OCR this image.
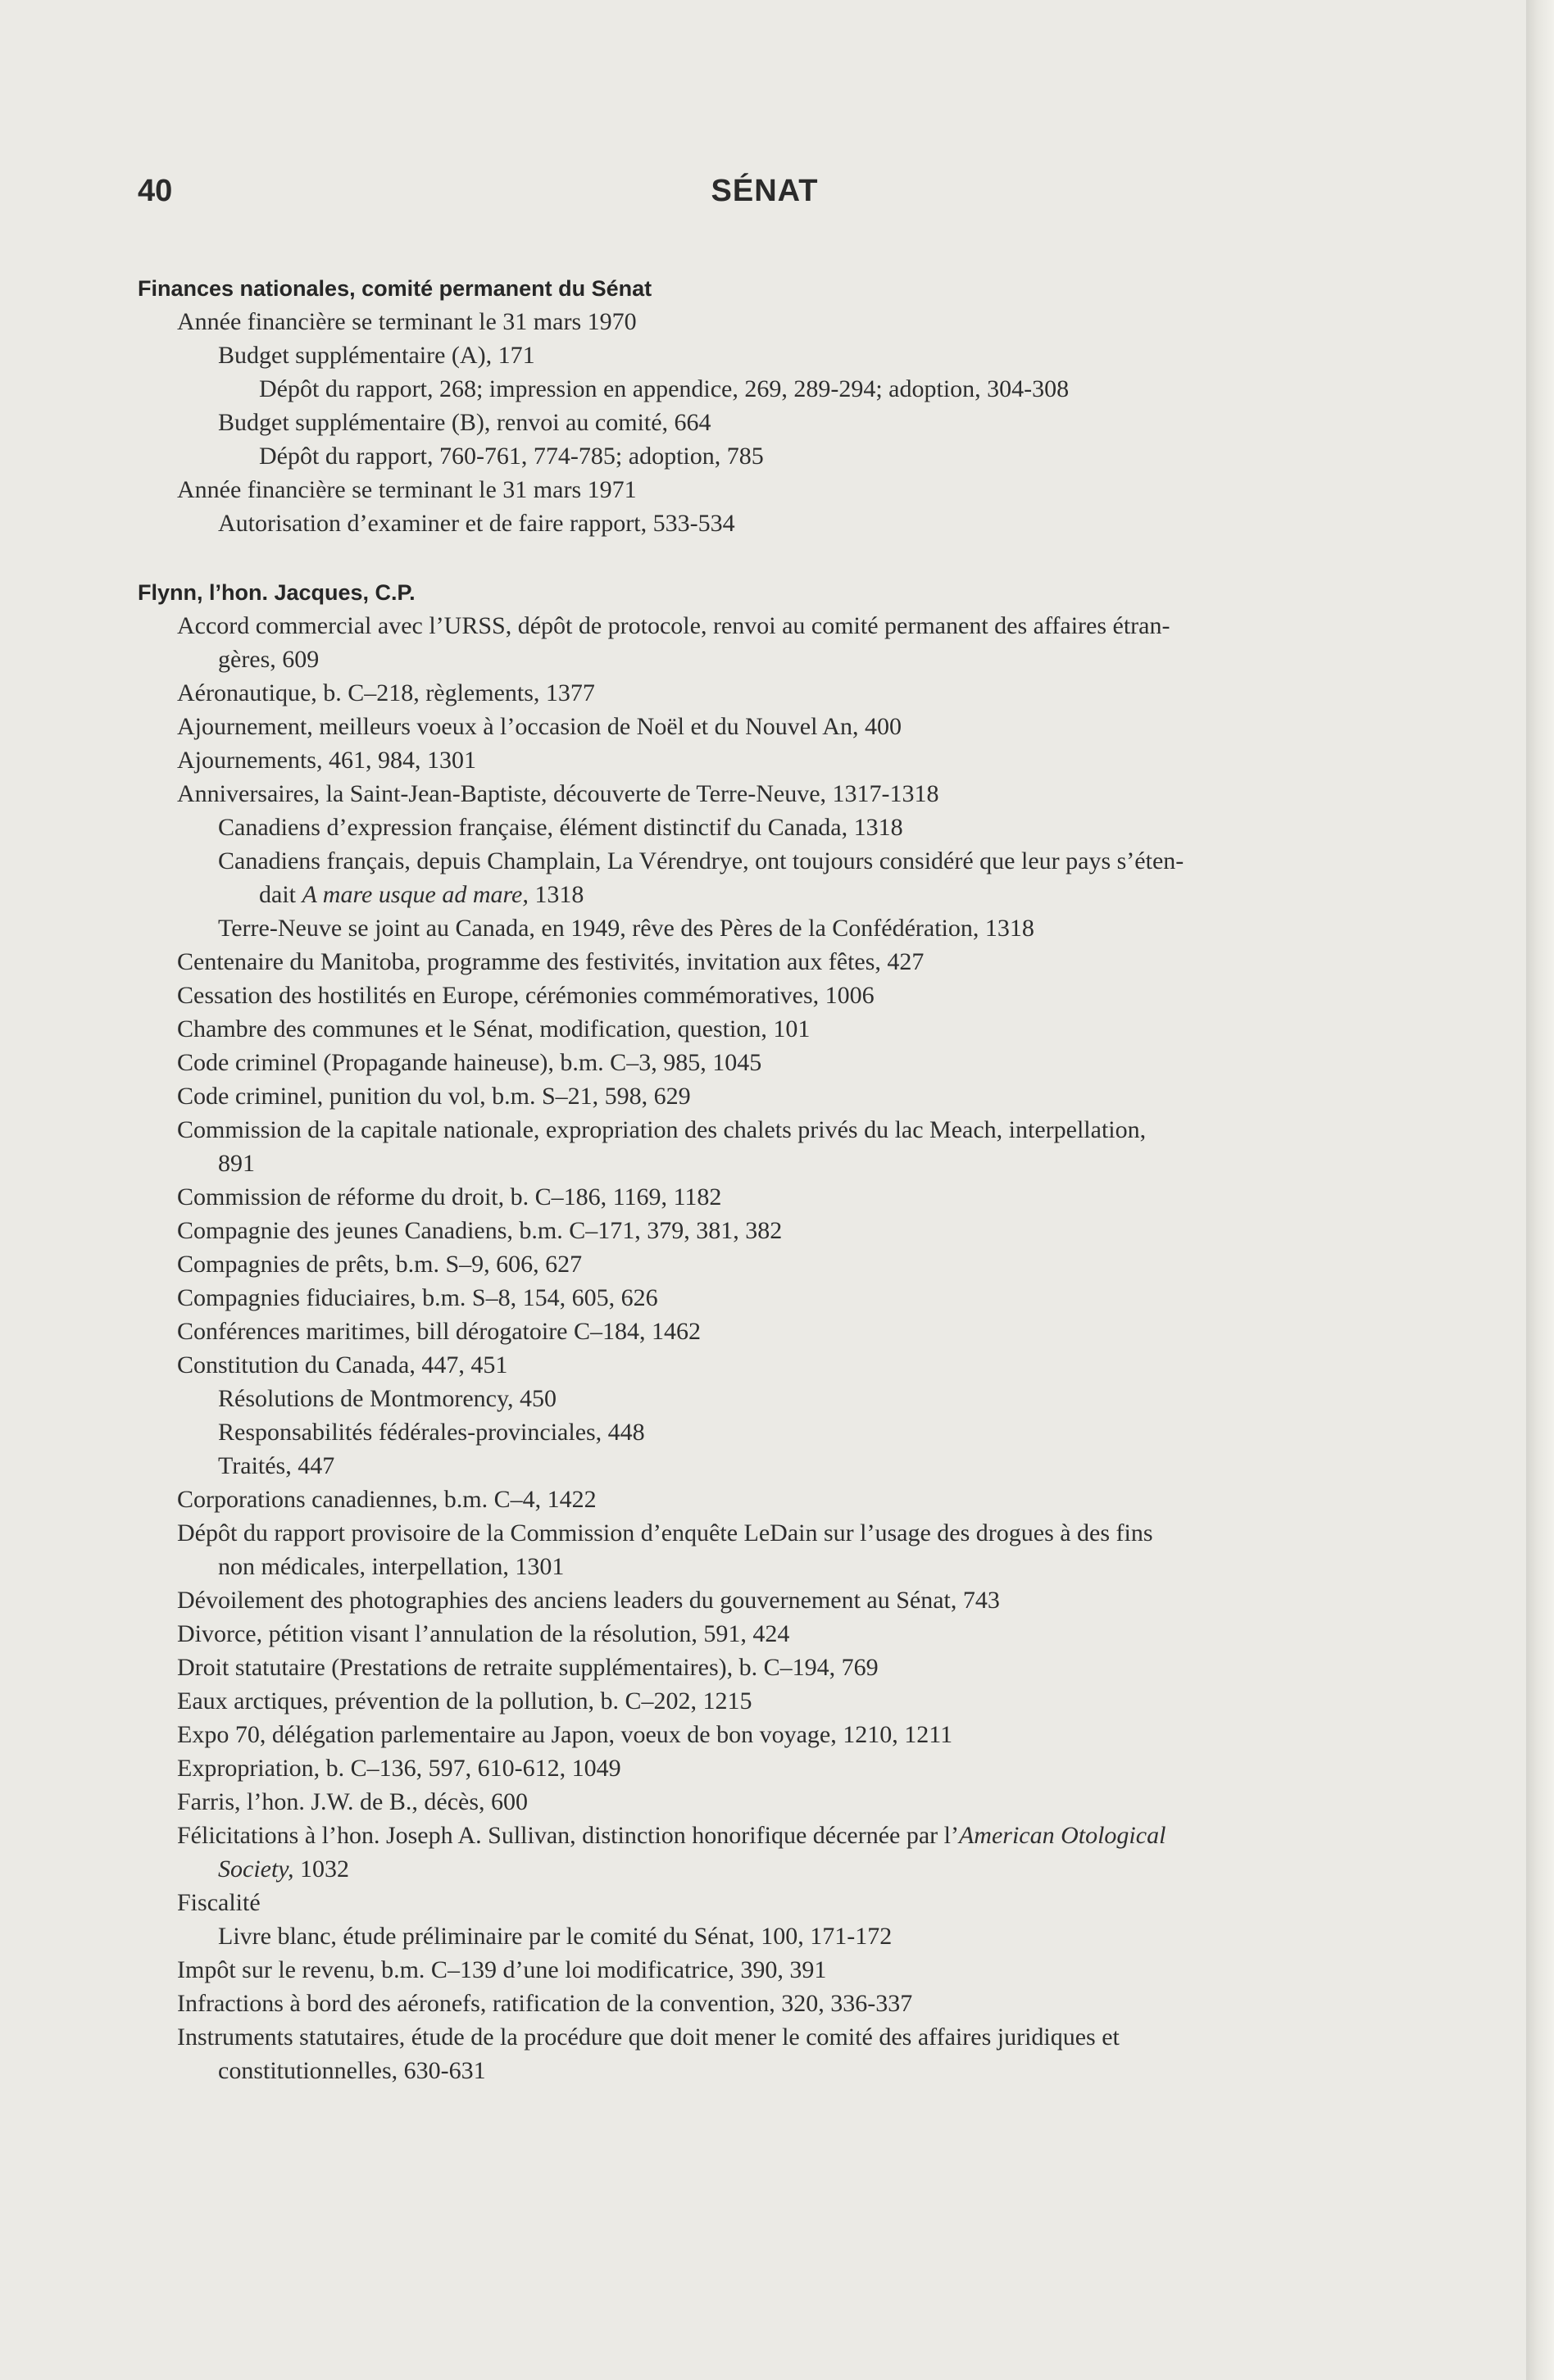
40	SÉNAT
Finances nationales, comité permanent du Sénat
Année financière se terminant le 31 mars 1970
Budget supplémentaire (A), 171
Dépôt du rapport, 268; impression en appendice, 269, 289-294; adoption, 304-308
Budget supplémentaire (B), renvoi au comité, 664
Dépôt du rapport, 760-761, 774-785; adoption, 785
Année financière se terminant le 31 mars 1971
Autorisation d’examiner et de faire rapport, 533-534
Flynn, l’hon. Jacques, C.P.
Accord commercial avec l’URSS, dépôt de protocole, renvoi au comité permanent des affaires étran-
gères, 609
Aéronautique, b. C–218, règlements, 1377
Ajournement, meilleurs voeux à l’occasion de Noël et du Nouvel An, 400
Ajournements, 461, 984, 1301
Anniversaires, la Saint-Jean-Baptiste, découverte de Terre-Neuve, 1317-1318
Canadiens d’expression française, élément distinctif du Canada, 1318
Canadiens français, depuis Champlain, La Vérendrye, ont toujours considéré que leur pays s’éten-
dait A mare usque ad mare, 1318
Terre-Neuve se joint au Canada, en 1949, rêve des Pères de la Confédération, 1318
Centenaire du Manitoba, programme des festivités, invitation aux fêtes, 427
Cessation des hostilités en Europe, cérémonies commémoratives, 1006
Chambre des communes et le Sénat, modification, question, 101
Code criminel (Propagande haineuse), b.m. C–3, 985, 1045
Code criminel, punition du vol, b.m. S–21, 598, 629
Commission de la capitale nationale, expropriation des chalets privés du lac Meach, interpellation,
891
Commission de réforme du droit, b. C–186, 1169, 1182
Compagnie des jeunes Canadiens, b.m. C–171, 379, 381, 382
Compagnies de prêts, b.m. S–9, 606, 627
Compagnies fiduciaires, b.m. S–8, 154, 605, 626
Conférences maritimes, bill dérogatoire C–184, 1462
Constitution du Canada, 447, 451
Résolutions de Montmorency, 450
Responsabilités fédérales-provinciales, 448
Traités, 447
Corporations canadiennes, b.m. C–4, 1422
Dépôt du rapport provisoire de la Commission d’enquête LeDain sur l’usage des drogues à des fins
non médicales, interpellation, 1301
Dévoilement des photographies des anciens leaders du gouvernement au Sénat, 743
Divorce, pétition visant l’annulation de la résolution, 591, 424
Droit statutaire (Prestations de retraite supplémentaires), b. C–194, 769
Eaux arctiques, prévention de la pollution, b. C–202, 1215
Expo 70, délégation parlementaire au Japon, voeux de bon voyage, 1210, 1211
Expropriation, b. C–136, 597, 610-612, 1049
Farris, l’hon. J.W. de B., décès, 600
Félicitations à l’hon. Joseph A. Sullivan, distinction honorifique décernée par l’American Otological
Society, 1032
Fiscalité
Livre blanc, étude préliminaire par le comité du Sénat, 100, 171-172
Impôt sur le revenu, b.m. C–139 d’une loi modificatrice, 390, 391
Infractions à bord des aéronefs, ratification de la convention, 320, 336-337
Instruments statutaires, étude de la procédure que doit mener le comité des affaires juridiques et
constitutionnelles, 630-631
